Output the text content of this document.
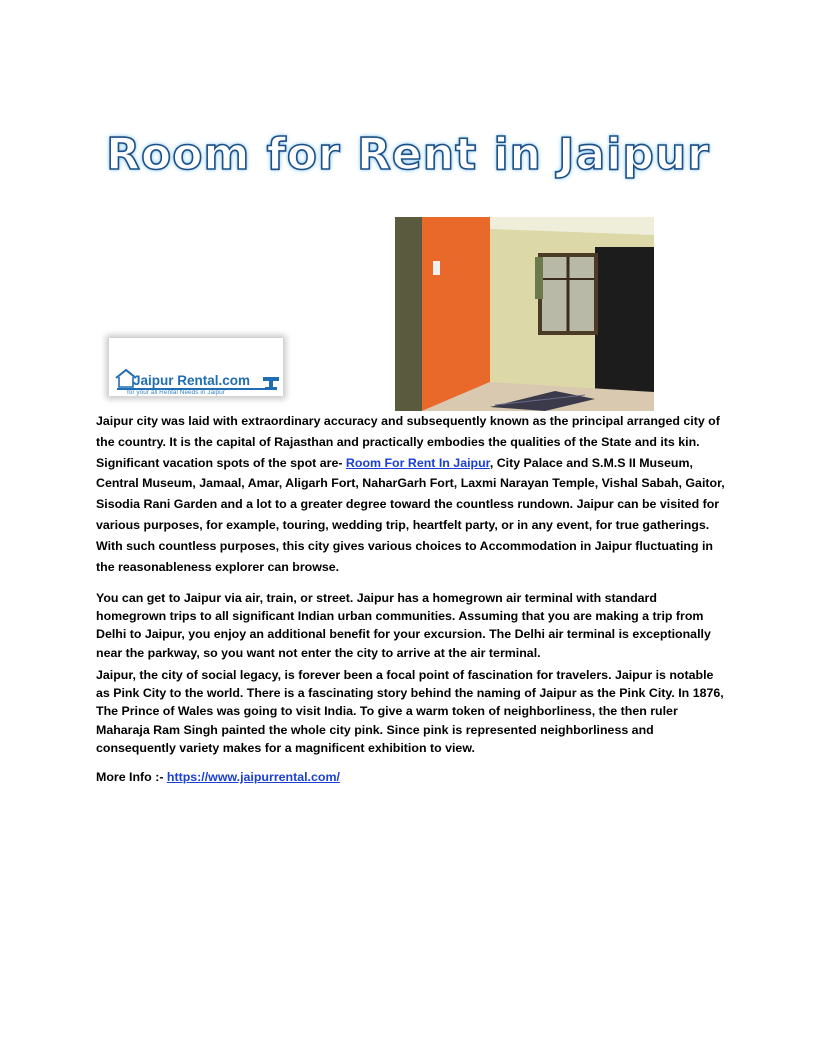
Room for Rent in Jaipur
Jaipur Rental.com
for your all Rental Needs in Jaipur
Jaipur city was laid with extraordinary accuracy and subsequently known as the principal arranged city of the country. It is the capital of Rajasthan and practically embodies the qualities of the State and its kin. Significant vacation spots of the spot are- Room For Rent In Jaipur, City Palace and S.M.S II Museum, Central Museum, Jamaal, Amar, Aligarh Fort, NaharGarh Fort, Laxmi Narayan Temple, Vishal Sabah, Gaitor, Sisodia Rani Garden and a lot to a greater degree toward the countless rundown. Jaipur can be visited for various purposes, for example, touring, wedding trip, heartfelt party, or in any event, for true gatherings. With such countless purposes, this city gives various choices to Accommodation in Jaipur fluctuating in the reasonableness explorer can browse.
You can get to Jaipur via air, train, or street. Jaipur has a homegrown air terminal with standard homegrown trips to all significant Indian urban communities. Assuming that you are making a trip from Delhi to Jaipur, you enjoy an additional benefit for your excursion. The Delhi air terminal is exceptionally near the parkway, so you want not enter the city to arrive at the air terminal.
Jaipur, the city of social legacy, is forever been a focal point of fascination for travelers. Jaipur is notable as Pink City to the world. There is a fascinating story behind the naming of Jaipur as the Pink City. In 1876, The Prince of Wales was going to visit India. To give a warm token of neighborliness, the then ruler Maharaja Ram Singh painted the whole city pink. Since pink is represented neighborliness and consequently variety makes for a magnificent exhibition to view.
More Info :- https://www.jaipurrental.com/
